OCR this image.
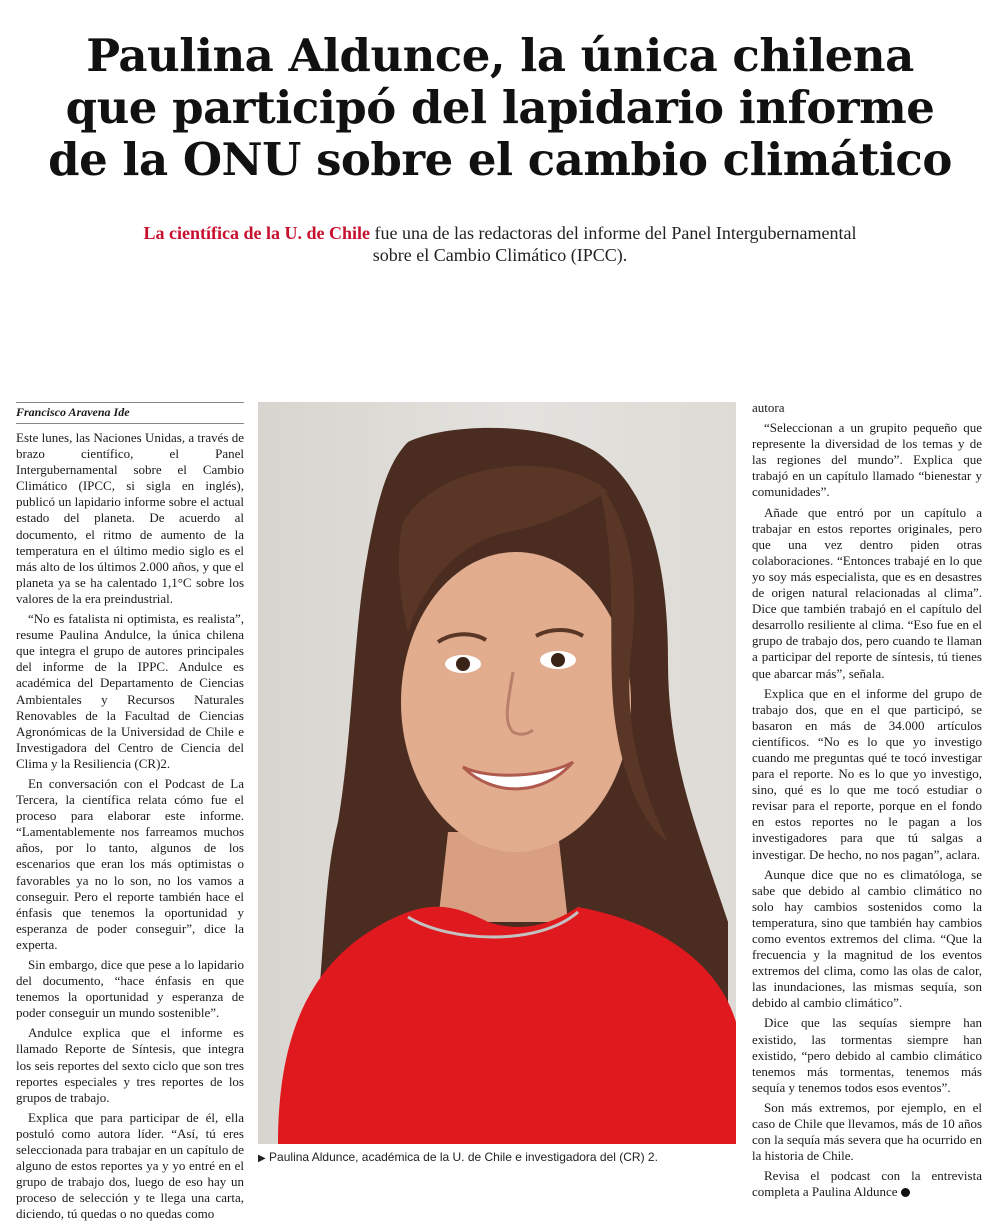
Paulina Aldunce, la única chilena
que participó del lapidario informe
de la ONU sobre el cambio climático

La científica de la U. de Chile fue una de las redactoras del informe del Panel Intergubernamental sobre el Cambio Climático (IPCC).

Francisco Aravena Ide

Este lunes, las Naciones Unidas, a través de brazo científico, el Panel Intergubernamental sobre el Cambio Climático (IPCC, si sigla en inglés), publicó un lapidario informe sobre el actual estado del planeta. De acuerdo al documento, el ritmo de aumento de la temperatura en el último medio siglo es el más alto de los últimos 2.000 años, y que el planeta ya se ha calentado 1,1°C sobre los valores de la era preindustrial.

“No es fatalista ni optimista, es realista”, resume Paulina Andulce, la única chilena que integra el grupo de autores principales del informe de la IPPC. Andulce es académica del Departamento de Ciencias Ambientales y Recursos Naturales Renovables de la Facultad de Ciencias Agronómicas de la Universidad de Chile e Investigadora del Centro de Ciencia del Clima y la Resiliencia (CR)2.

En conversación con el Podcast de La Tercera, la científica relata cómo fue el proceso para elaborar este informe. “Lamentablemente nos farreamos muchos años, por lo tanto, algunos de los escenarios que eran los más optimistas o favorables ya no lo son, no los vamos a conseguir. Pero el reporte también hace el énfasis que tenemos la oportunidad y esperanza de poder conseguir”, dice la experta.

Sin embargo, dice que pese a lo lapidario del documento, “hace énfasis en que tenemos la oportunidad y esperanza de poder conseguir un mundo sostenible”.

Andulce explica que el informe es llamado Reporte de Síntesis, que integra los seis reportes del sexto ciclo que son tres reportes especiales y tres reportes de los grupos de trabajo.

Explica que para participar de él, ella postuló como autora líder. “Así, tú eres seleccionada para trabajar en un capítulo de alguno de estos reportes ya y yo entré en el grupo de trabajo dos, luego de eso hay un proceso de selección y te llega una carta, diciendo, tú quedas o no quedas como

▶ Paulina Aldunce, académica de la U. de Chile e investigadora del (CR) 2.

autora

“Seleccionan a un grupito pequeño que represente la diversidad de los temas y de las regiones del mundo”. Explica que trabajó en un capítulo llamado “bienestar y comunidades”.

Añade que entró por un capítulo a trabajar en estos reportes originales, pero que una vez dentro piden otras colaboraciones. “Entonces trabajé en lo que yo soy más especialista, que es en desastres de origen natural relacionadas al clima”. Dice que también trabajó en el capítulo del desarrollo resiliente al clima. “Eso fue en el grupo de trabajo dos, pero cuando te llaman a participar del reporte de síntesis, tú tienes que abarcar más”, señala.

Explica que en el informe del grupo de trabajo dos, que en el que participó, se basaron en más de 34.000 artículos científicos. “No es lo que yo investigo cuando me preguntas qué te tocó investigar para el reporte. No es lo que yo investigo, sino, qué es lo que me tocó estudiar o revisar para el reporte, porque en el fondo en estos reportes no le pagan a los investigadores para que tú salgas a investigar. De hecho, no nos pagan”, aclara.

Aunque dice que no es climatóloga, se sabe que debido al cambio climático no solo hay cambios sostenidos como la temperatura, sino que también hay cambios como eventos extremos del clima. “Que la frecuencia y la magnitud de los eventos extremos del clima, como las olas de calor, las inundaciones, las mismas sequía, son debido al cambio climático”.

Dice que las sequías siempre han existido, las tormentas siempre han existido, “pero debido al cambio climático tenemos más tormentas, tenemos más sequía y tenemos todos esos eventos”.

Son más extremos, por ejemplo, en el caso de Chile que llevamos, más de 10 años con la sequía más severa que ha ocurrido en la historia de Chile.

Revisa el podcast con la entrevista completa a Paulina Aldunce
